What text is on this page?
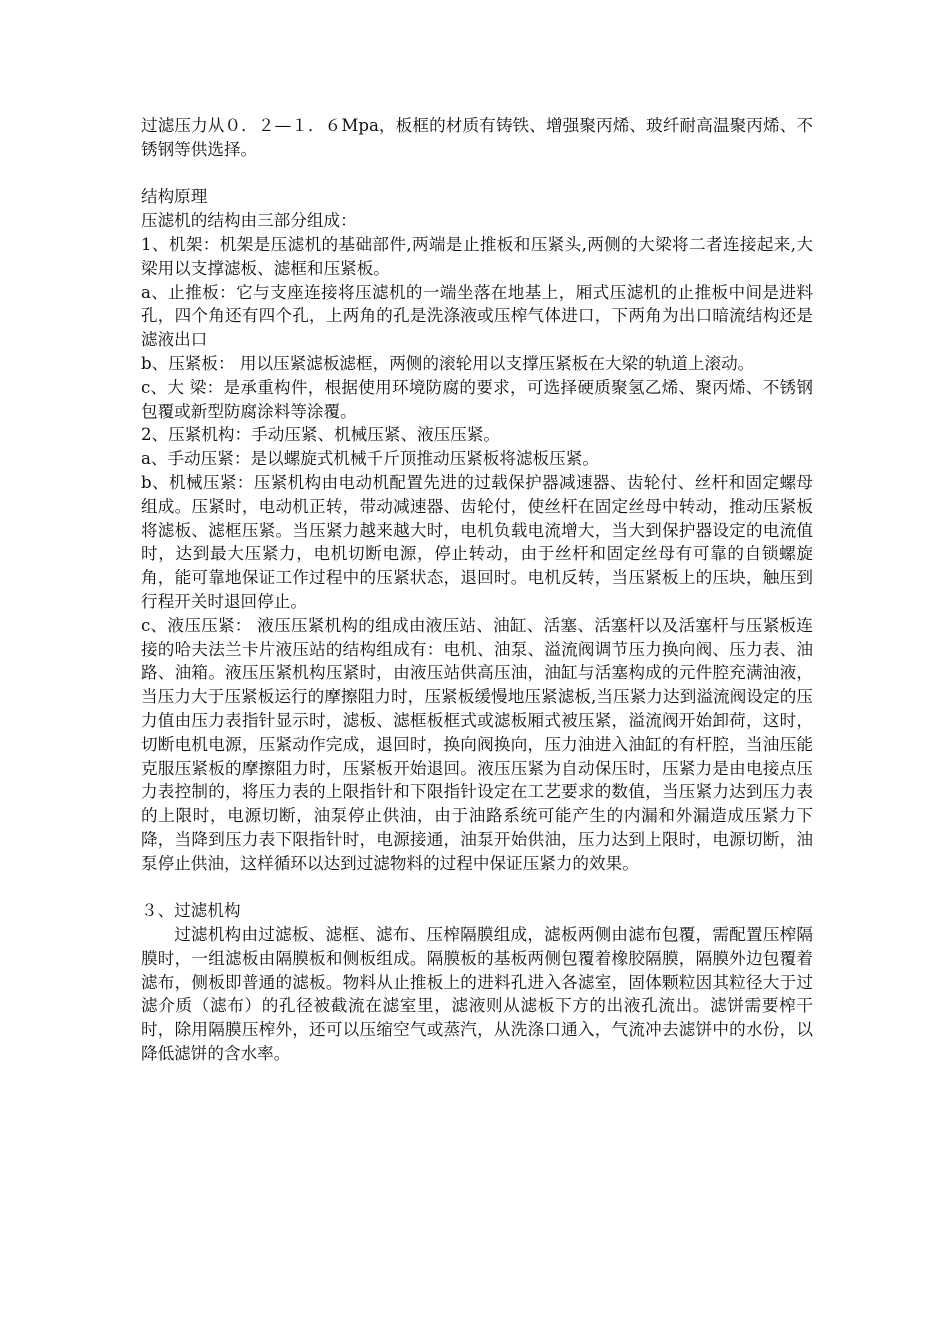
过滤压力从０．２—１．６Mpa，板框的材质有铸铁、增强聚丙烯、玻纤耐高温聚丙烯、不锈钢等供选择。

结构原理

压滤机的结构由三部分组成：

1、机架：机架是压滤机的基础部件,两端是止推板和压紧头,两侧的大梁将二者连接起来,大梁用以支撑滤板、滤框和压紧板。

a、止推板：它与支座连接将压滤机的一端坐落在地基上，厢式压滤机的止推板中间是进料孔，四个角还有四个孔，上两角的孔是洗涤液或压榨气体进口，下两角为出口暗流结构还是滤液出口

b、压紧板： 用以压紧滤板滤框，两侧的滚轮用以支撑压紧板在大梁的轨道上滚动。

c、大 梁：是承重构件，根据使用环境防腐的要求，可选择硬质聚氢乙烯、聚丙烯、不锈钢包覆或新型防腐涂料等涂覆。

2、压紧机构：手动压紧、机械压紧、液压压紧。

a、手动压紧：是以螺旋式机械千斤顶推动压紧板将滤板压紧。

b、机械压紧：压紧机构由电动机配置先进的过载保护器减速器、齿轮付、丝杆和固定螺母组成。压紧时，电动机正转，带动减速器、齿轮付，使丝杆在固定丝母中转动，推动压紧板将滤板、滤框压紧。当压紧力越来越大时，电机负载电流增大，当大到保护器设定的电流值时，达到最大压紧力，电机切断电源，停止转动，由于丝杆和固定丝母有可靠的自锁螺旋角，能可靠地保证工作过程中的压紧状态，退回时。电机反转，当压紧板上的压块，触压到行程开关时退回停止。

c、液压压紧： 液压压紧机构的组成由液压站、油缸、活塞、活塞杆以及活塞杆与压紧板连接的哈夫法兰卡片液压站的结构组成有：电机、油泵、溢流阀调节压力换向阀、压力表、油路、油箱。液压压紧机构压紧时，由液压站供高压油，油缸与活塞构成的元件腔充满油液，当压力大于压紧板运行的摩擦阻力时，压紧板缓慢地压紧滤板,当压紧力达到溢流阀设定的压力值由压力表指针显示时，滤板、滤框板框式或滤板厢式被压紧，溢流阀开始卸荷，这时，切断电机电源，压紧动作完成，退回时，换向阀换向，压力油进入油缸的有杆腔，当油压能克服压紧板的摩擦阻力时，压紧板开始退回。液压压紧为自动保压时，压紧力是由电接点压力表控制的，将压力表的上限指针和下限指针设定在工艺要求的数值，当压紧力达到压力表的上限时，电源切断，油泵停止供油，由于油路系统可能产生的内漏和外漏造成压紧力下降，当降到压力表下限指针时，电源接通，油泵开始供油，压力达到上限时，电源切断，油泵停止供油，这样循环以达到过滤物料的过程中保证压紧力的效果。

３、过滤机构

过滤机构由过滤板、滤框、滤布、压榨隔膜组成，滤板两侧由滤布包覆，需配置压榨隔膜时，一组滤板由隔膜板和侧板组成。隔膜板的基板两侧包覆着橡胶隔膜，隔膜外边包覆着滤布，侧板即普通的滤板。物料从止推板上的进料孔进入各滤室，固体颗粒因其粒径大于过滤介质（滤布）的孔径被截流在滤室里，滤液则从滤板下方的出液孔流出。滤饼需要榨干时，除用隔膜压榨外，还可以压缩空气或蒸汽，从洗涤口通入，气流冲去滤饼中的水份，以降低滤饼的含水率。
